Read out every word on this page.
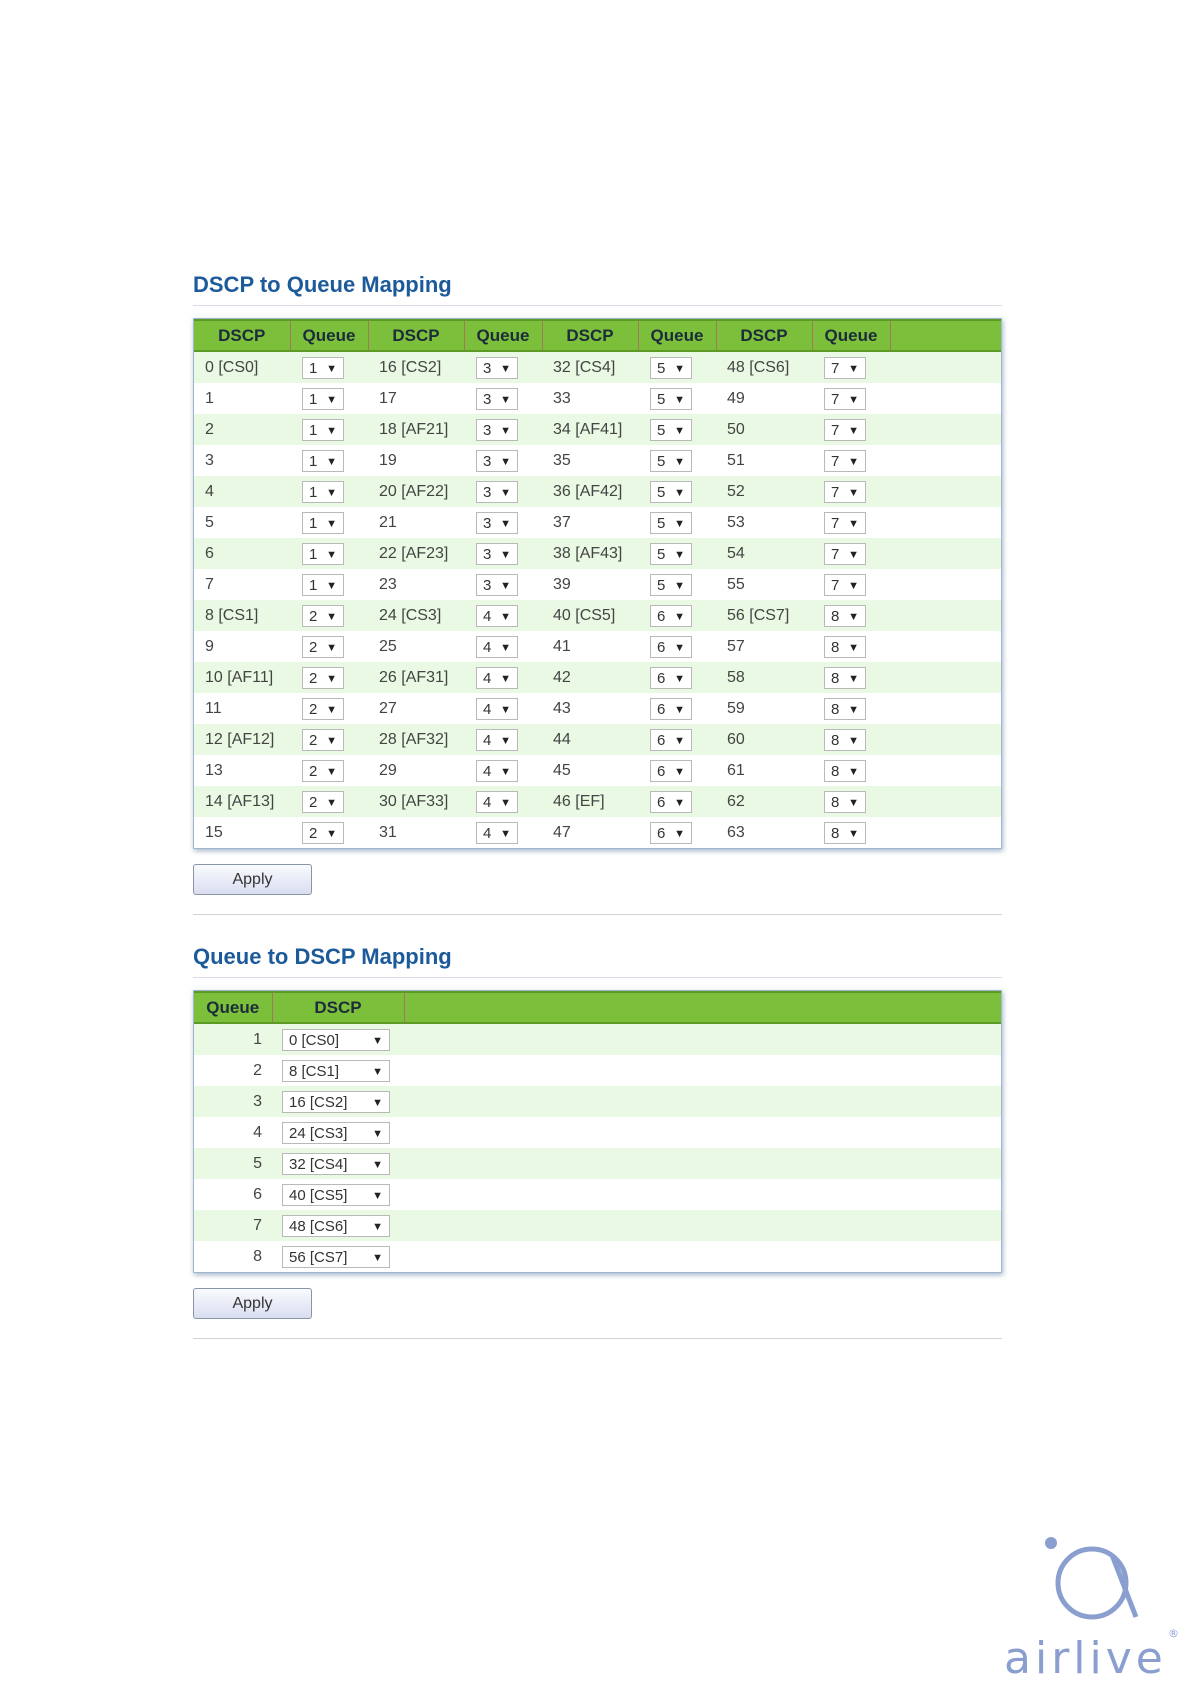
DSCP to Queue Mapping
DSCP	Queue	DSCP	Queue	DSCP	Queue	DSCP	Queue	
0 [CS0]	1 ▼	16 [CS2]	3 ▼	32 [CS4]	5 ▼	48 [CS6]	7 ▼	

1	1 ▼	17	3 ▼	33	5 ▼	49	7 ▼	

2	1 ▼	18 [AF21]	3 ▼	34 [AF41]	5 ▼	50	7 ▼	

3	1 ▼	19	3 ▼	35	5 ▼	51	7 ▼	

4	1 ▼	20 [AF22]	3 ▼	36 [AF42]	5 ▼	52	7 ▼	

5	1 ▼	21	3 ▼	37	5 ▼	53	7 ▼	

6	1 ▼	22 [AF23]	3 ▼	38 [AF43]	5 ▼	54	7 ▼	

7	1 ▼	23	3 ▼	39	5 ▼	55	7 ▼	

8 [CS1]	2 ▼	24 [CS3]	4 ▼	40 [CS5]	6 ▼	56 [CS7]	8 ▼	

9	2 ▼	25	4 ▼	41	6 ▼	57	8 ▼	

10 [AF11]	2 ▼	26 [AF31]	4 ▼	42	6 ▼	58	8 ▼	

11	2 ▼	27	4 ▼	43	6 ▼	59	8 ▼	

12 [AF12]	2 ▼	28 [AF32]	4 ▼	44	6 ▼	60	8 ▼	

13	2 ▼	29	4 ▼	45	6 ▼	61	8 ▼	

14 [AF13]	2 ▼	30 [AF33]	4 ▼	46 [EF]	6 ▼	62	8 ▼	

15	2 ▼	31	4 ▼	47	6 ▼	63	8 ▼	

Apply
Queue to DSCP Mapping
Queue	DSCP	
1	0 [CS0] ▼	

2	8 [CS1] ▼	

3	16 [CS2] ▼	

4	24 [CS3] ▼	

5	32 [CS4] ▼	

6	40 [CS5] ▼	

7	48 [CS6] ▼	

8	56 [CS7] ▼	

Apply
airlive ®
